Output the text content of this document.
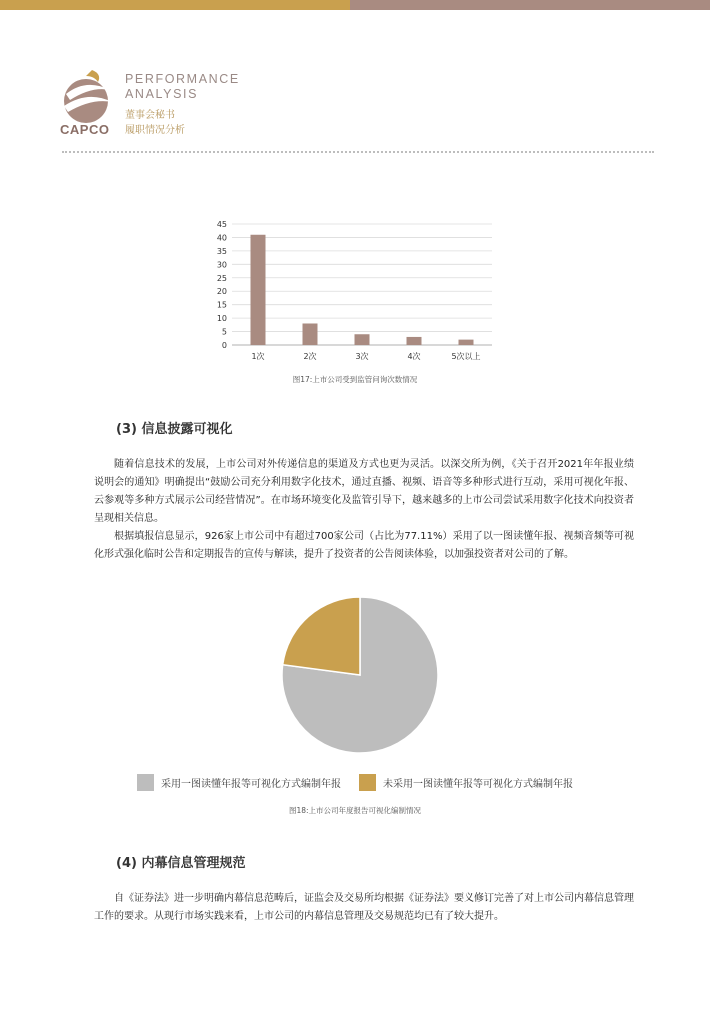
CAPCO
PERFORMANCE
ANALYSIS
董事会秘书
履职情况分析
0
5
10
15
20
25
30
35
40
45
1次	2次	3次	4次	5次以上
图17:上市公司受到监管问询次数情况
(3) 信息披露可视化

随着信息技术的发展，上市公司对外传递信息的渠道及方式也更为灵活。以深交所为例，《关于召开2021年年报业绩说明会的通知》明确提出“鼓励公司充分利用数字化技术，通过直播、视频、语音等多种形式进行互动，采用可视化年报、云参观等多种方式展示公司经营情况”。在市场环境变化及监管引导下，越来越多的上市公司尝试采用数字化技术向投资者呈现相关信息。

根据填报信息显示，926家上市公司中有超过700家公司（占比为77.11%）采用了以一图读懂年报、视频音频等可视化形式强化临时公告和定期报告的宣传与解读，提升了投资者的公告阅读体验，以加强投资者对公司的了解。

采用一图读懂年报等可视化方式编制年报	未采用一图读懂年报等可视化方式编制年报
图18:上市公司年度报告可视化编制情况
(4) 内幕信息管理规范

自《证券法》进一步明确内幕信息范畴后，证监会及交易所均根据《证券法》要义修订完善了对上市公司内幕信息管理工作的要求。从现行市场实践来看，上市公司的内幕信息管理及交易规范均已有了较大提升。
